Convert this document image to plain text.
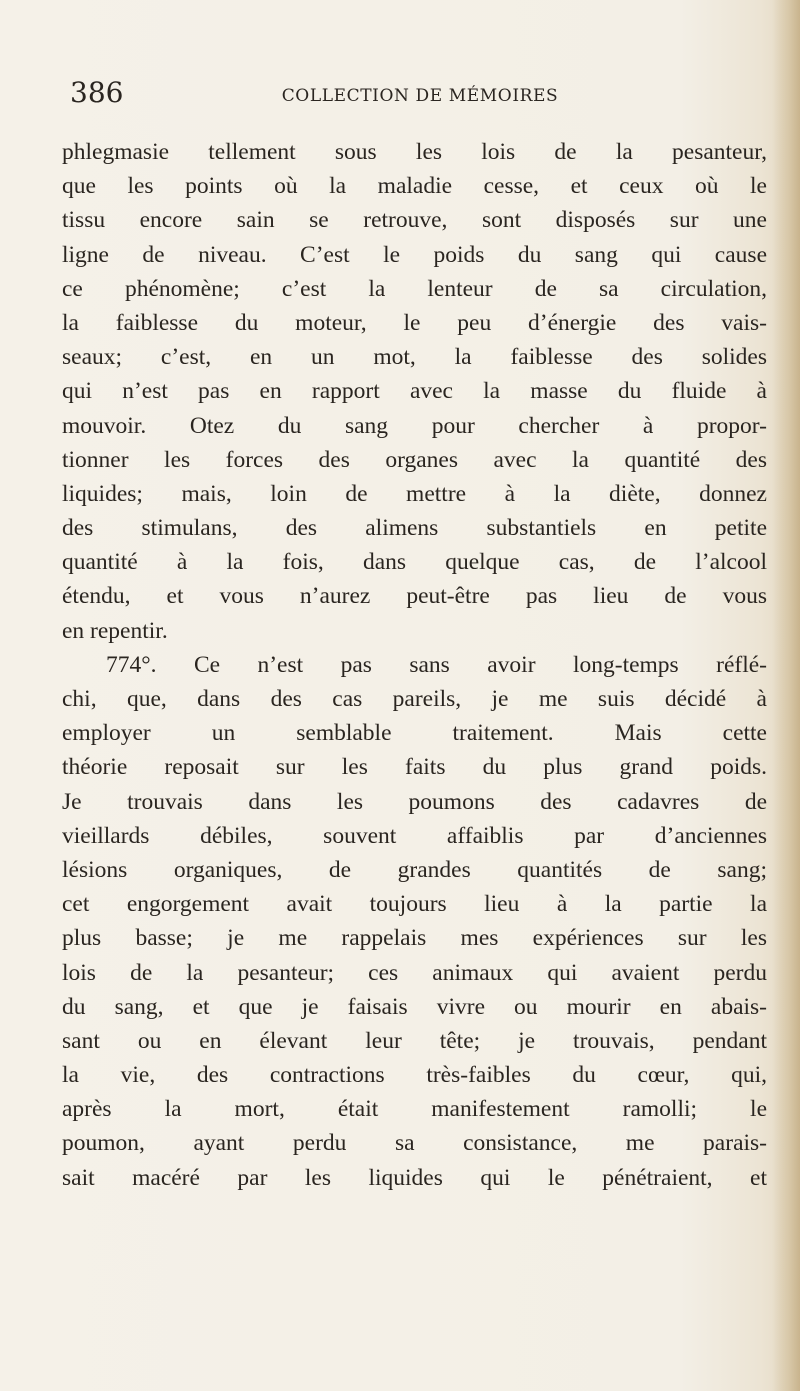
386	COLLECTION DE MÉMOIRES
phlegmasie tellement sous les lois de la pesanteur,
que les points où la maladie cesse, et ceux où le
tissu encore sain se retrouve, sont disposés sur une
ligne de niveau. C’est le poids du sang qui cause
ce phénomène; c’est la lenteur de sa circulation,
la faiblesse du moteur, le peu d’énergie des vais-
seaux; c’est, en un mot, la faiblesse des solides
qui n’est pas en rapport avec la masse du fluide à
mouvoir. Otez du sang pour chercher à propor-
tionner les forces des organes avec la quantité des
liquides; mais, loin de mettre à la diète, donnez
des stimulans, des alimens substantiels en petite
quantité à la fois, dans quelque cas, de l’alcool
étendu, et vous n’aurez peut-être pas lieu de vous
en repentir.
774°. Ce n’est pas sans avoir long-temps réflé-
chi, que, dans des cas pareils, je me suis décidé à
employer un semblable traitement. Mais cette
théorie reposait sur les faits du plus grand poids.
Je trouvais dans les poumons des cadavres de
vieillards débiles, souvent affaiblis par d’anciennes
lésions organiques, de grandes quantités de sang;
cet engorgement avait toujours lieu à la partie la
plus basse; je me rappelais mes expériences sur les
lois de la pesanteur; ces animaux qui avaient perdu
du sang, et que je faisais vivre ou mourir en abais-
sant ou en élevant leur tête; je trouvais, pendant
la vie, des contractions très-faibles du cœur, qui,
après la mort, était manifestement ramolli; le
poumon, ayant perdu sa consistance, me parais-
sait macéré par les liquides qui le pénétraient, et
